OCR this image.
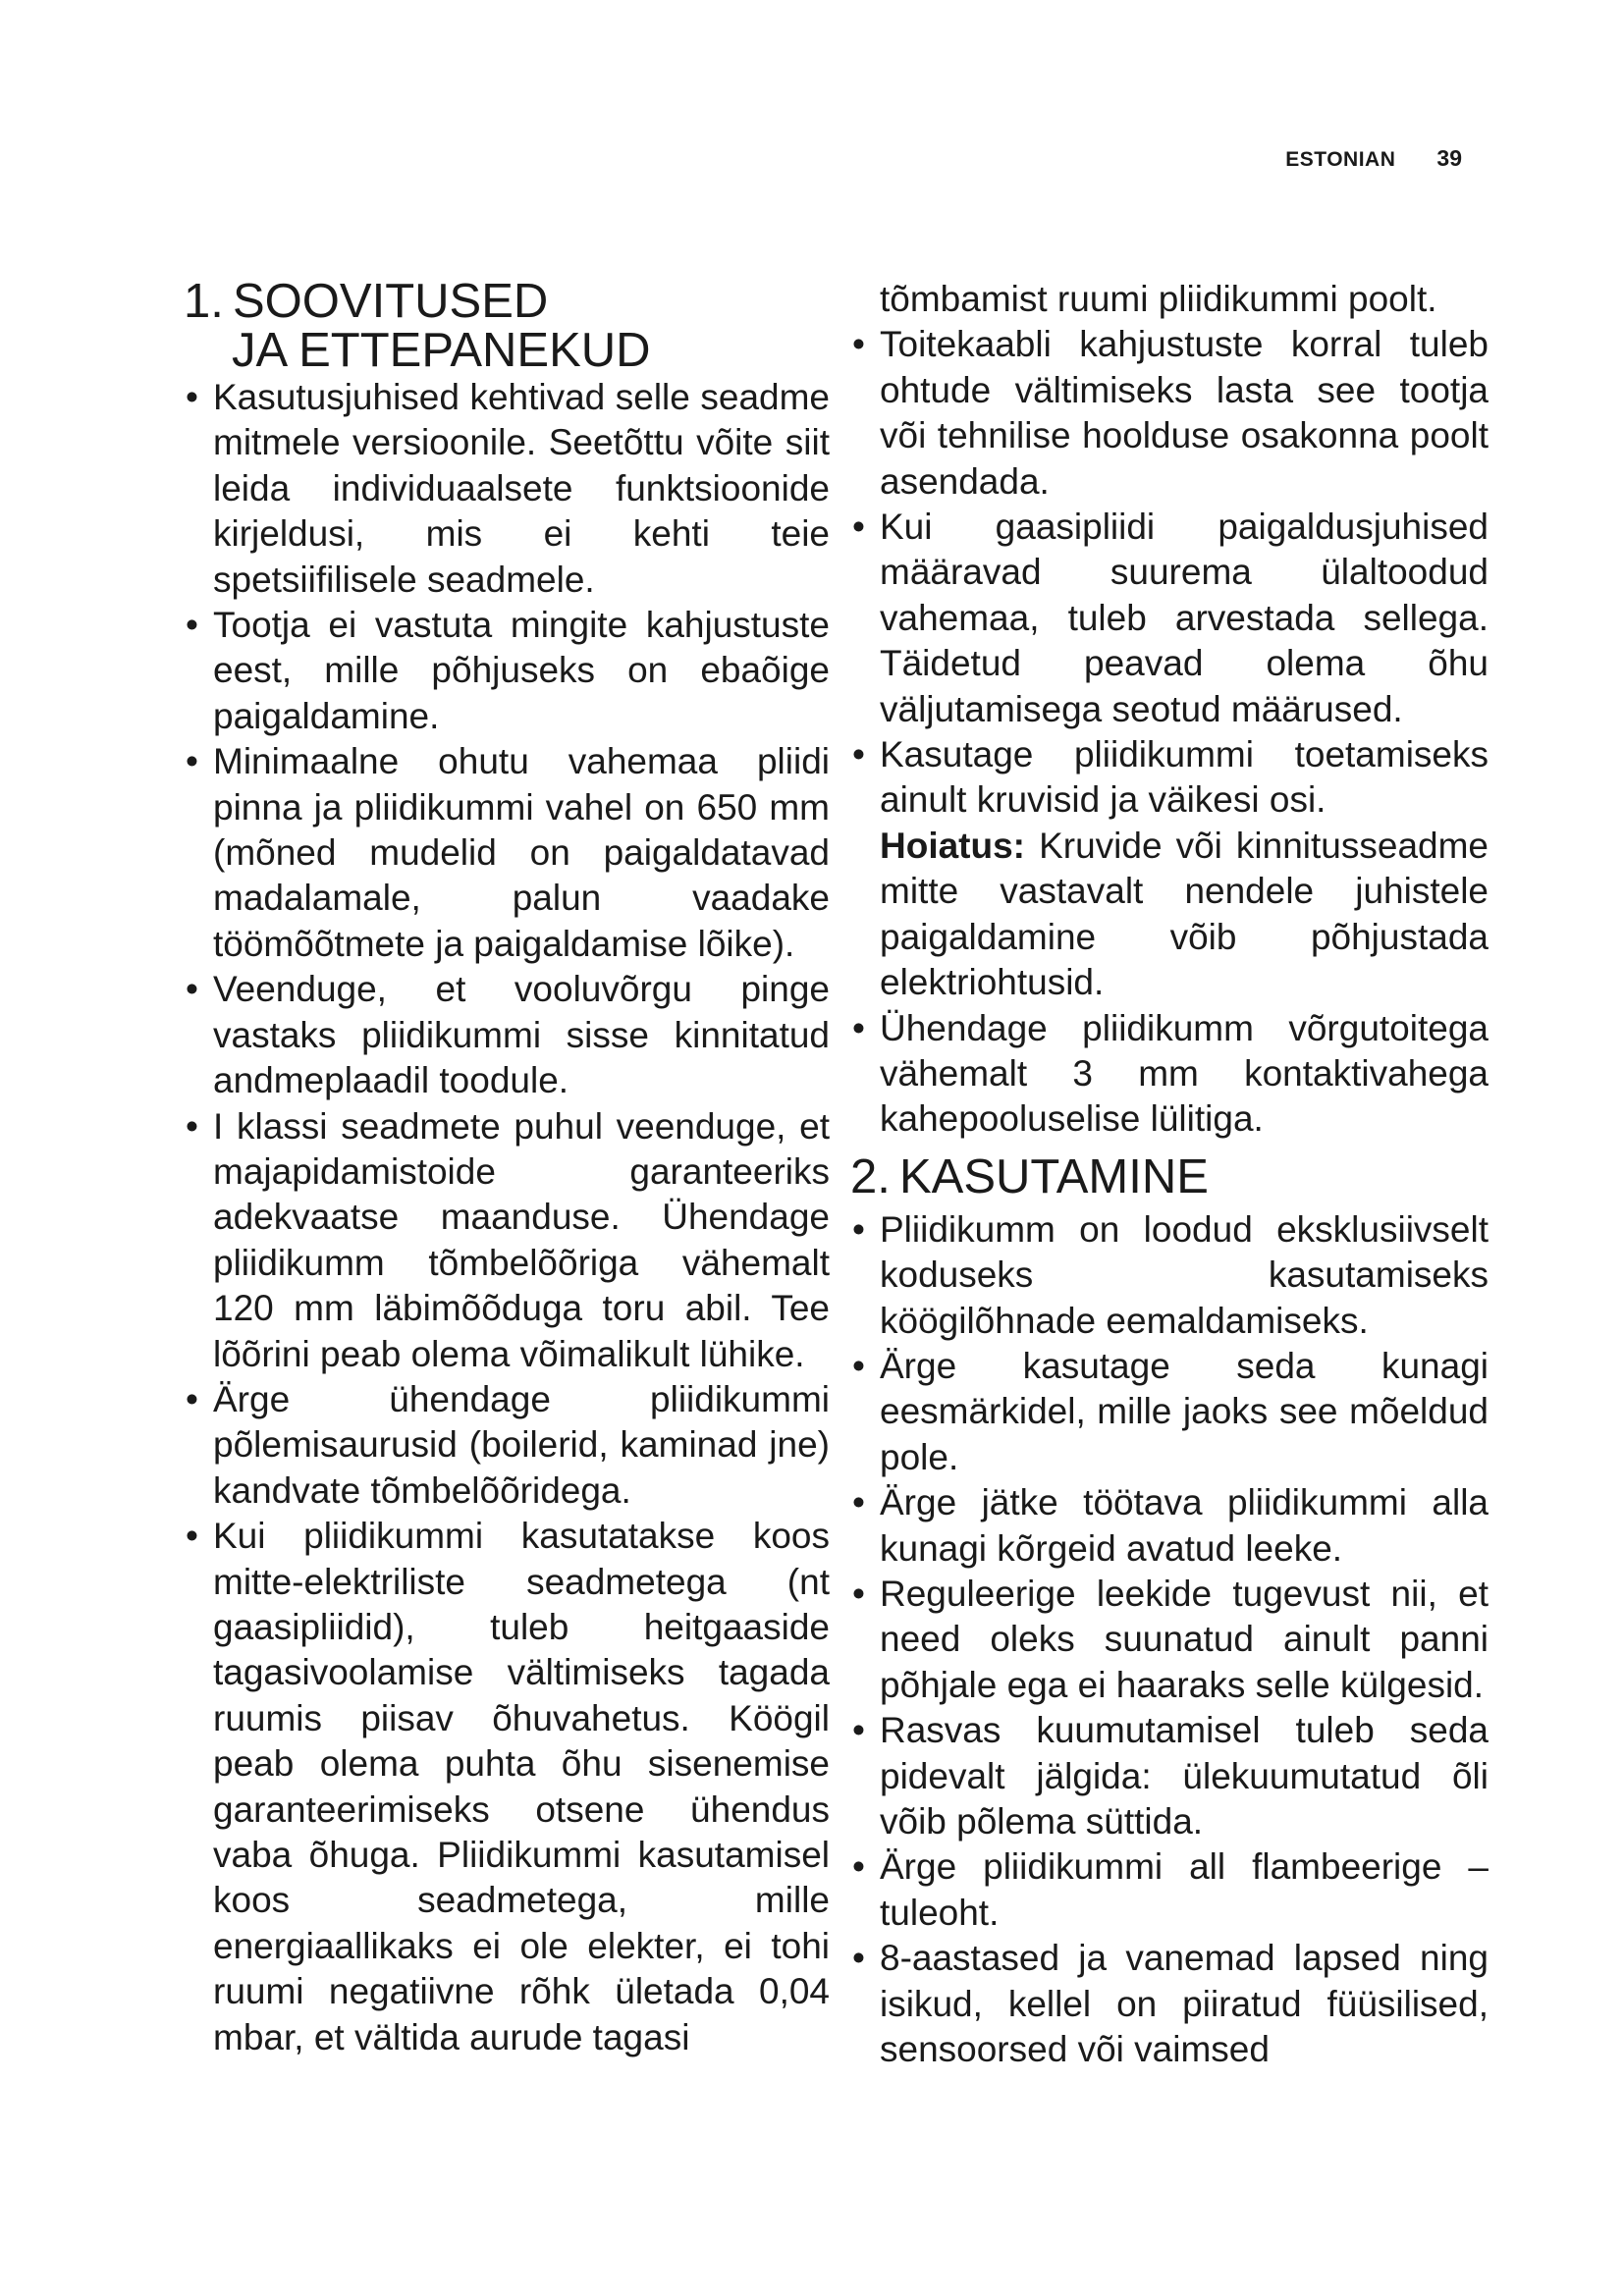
ESTONIAN 39
1. SOOVITUSED
JA ETTEPANEKUD
• Kasutusjuhised kehtivad selle seadme mitmele versioonile. Seetõttu võite siit leida individuaalsete funktsioonide kirjeldusi, mis ei kehti teie spetsiifilisele seadmele.
• Tootja ei vastuta mingite kahjustuste eest, mille põhjuseks on ebaõige paigaldamine.
• Minimaalne ohutu vahemaa pliidi pinna ja pliidikummi vahel on 650 mm (mõned mudelid on paigaldatavad madalamale, palun vaadake töömõõtmete ja paigaldamise lõike).
• Veenduge, et vooluvõrgu pinge vastaks pliidikummi sisse kinnitatud andmeplaadil toodule.
• I klassi seadmete puhul veenduge, et majapidamistoide garanteeriks adekvaatse maanduse. Ühendage pliidikumm tõmbelõõriga vähemalt 120 mm läbimõõduga toru abil. Tee lõõrini peab olema võimalikult lühike.
• Ärge ühendage pliidikummi põlemisaurusid (boilerid, kaminad jne) kandvate tõmbelõõridega.
• Kui pliidikummi kasutatakse koos mitte-elektriliste seadmetega (nt gaasipliidid), tuleb heitgaaside tagasivoolamise vältimiseks tagada ruumis piisav õhuvahetus. Köögil peab olema puhta õhu sisenemise garanteerimiseks otsene ühendus vaba õhuga. Pliidikummi kasutamisel koos seadmetega, mille energiaallikaks ei ole elekter, ei tohi ruumi negatiivne rõhk ületada 0,04 mbar, et vältida aurude tagasi
tõmbamist ruumi pliidikummi poolt.
• Toitekaabli kahjustuste korral tuleb ohtude vältimiseks lasta see tootja või tehnilise hoolduse osakonna poolt asendada.
• Kui gaasipliidi paigaldusjuhised määravad suurema ülaltoodud vahemaa, tuleb arvestada sellega. Täidetud peavad olema õhu väljutamisega seotud määrused.
• Kasutage pliidikummi toetamiseks ainult kruvisid ja väikesi osi.
Hoiatus: Kruvide või kinnitusseadme mitte vastavalt nendele juhistele paigaldamine võib põhjustada elektriohtusid.
• Ühendage pliidikumm võrgutoitega vähemalt 3 mm kontaktivahega kahepooluselise lülitiga.
2. KASUTAMINE
• Pliidikumm on loodud eksklusiivselt koduseks kasutamiseks köögilõhnade eemaldamiseks.
• Ärge kasutage seda kunagi eesmärkidel, mille jaoks see mõeldud pole.
• Ärge jätke töötava pliidikummi alla kunagi kõrgeid avatud leeke.
• Reguleerige leekide tugevust nii, et need oleks suunatud ainult panni põhjale ega ei haaraks selle külgesid.
• Rasvas kuumutamisel tuleb seda pidevalt jälgida: ülekuumutatud õli võib põlema süttida.
• Ärge pliidikummi all flambeerige – tuleoht.
• 8-aastased ja vanemad lapsed ning isikud, kellel on piiratud füüsilised, sensoorsed või vaimsed
